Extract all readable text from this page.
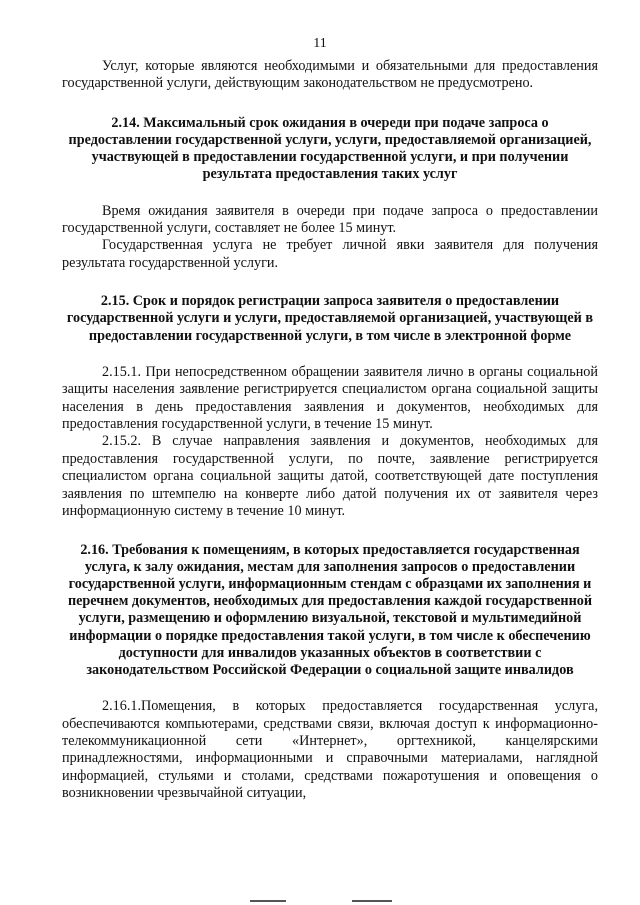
11

Услуг, которые являются необходимыми и обязательными для предоставления государственной услуги, действующим законодательством не предусмотрено.

2.14. Максимальный срок ожидания в очереди при подаче запроса о предоставлении государственной услуги, услуги, предоставляемой организацией, участвующей в предоставлении государственной услуги, и при получении результата предоставления таких услуг

Время ожидания заявителя в очереди при подаче запроса о предоставлении государственной услуги, составляет не более 15 минут.

Государственная услуга не требует личной явки заявителя для получения результата государственной услуги.

2.15. Срок и порядок регистрации запроса заявителя о предоставлении государственной услуги и услуги, предоставляемой организацией, участвующей в предоставлении государственной услуги, в том числе в электронной форме

2.15.1. При непосредственном обращении заявителя лично в органы социальной защиты населения заявление регистрируется специалистом органа социальной защиты населения в день предоставления заявления и документов, необходимых для предоставления государственной услуги, в течение 15 минут.

2.15.2. В случае направления заявления и документов, необходимых для предоставления государственной услуги, по почте, заявление регистрируется специалистом органа социальной защиты датой, соответствующей дате поступления заявления по штемпелю на конверте либо датой получения их от заявителя через информационную систему в течение 10 минут.

2.16. Требования к помещениям, в которых предоставляется государственная услуга, к залу ожидания, местам для заполнения запросов о предоставлении государственной услуги, информационным стендам с образцами их заполнения и перечнем документов, необходимых для предоставления каждой государственной услуги, размещению и оформлению визуальной, текстовой и мультимедийной информации о порядке предоставления такой услуги, в том числе к обеспечению доступности для инвалидов указанных объектов в соответствии с законодательством Российской Федерации о социальной защите инвалидов

2.16.1.Помещения, в которых предоставляется государственная услуга, обеспечиваются компьютерами, средствами связи, включая доступ к информационно-телекоммуникационной сети «Интернет», оргтехникой, канцелярскими принадлежностями, информационными и справочными материалами, наглядной информацией, стульями и столами, средствами пожаротушения и оповещения о возникновении чрезвычайной ситуации,
